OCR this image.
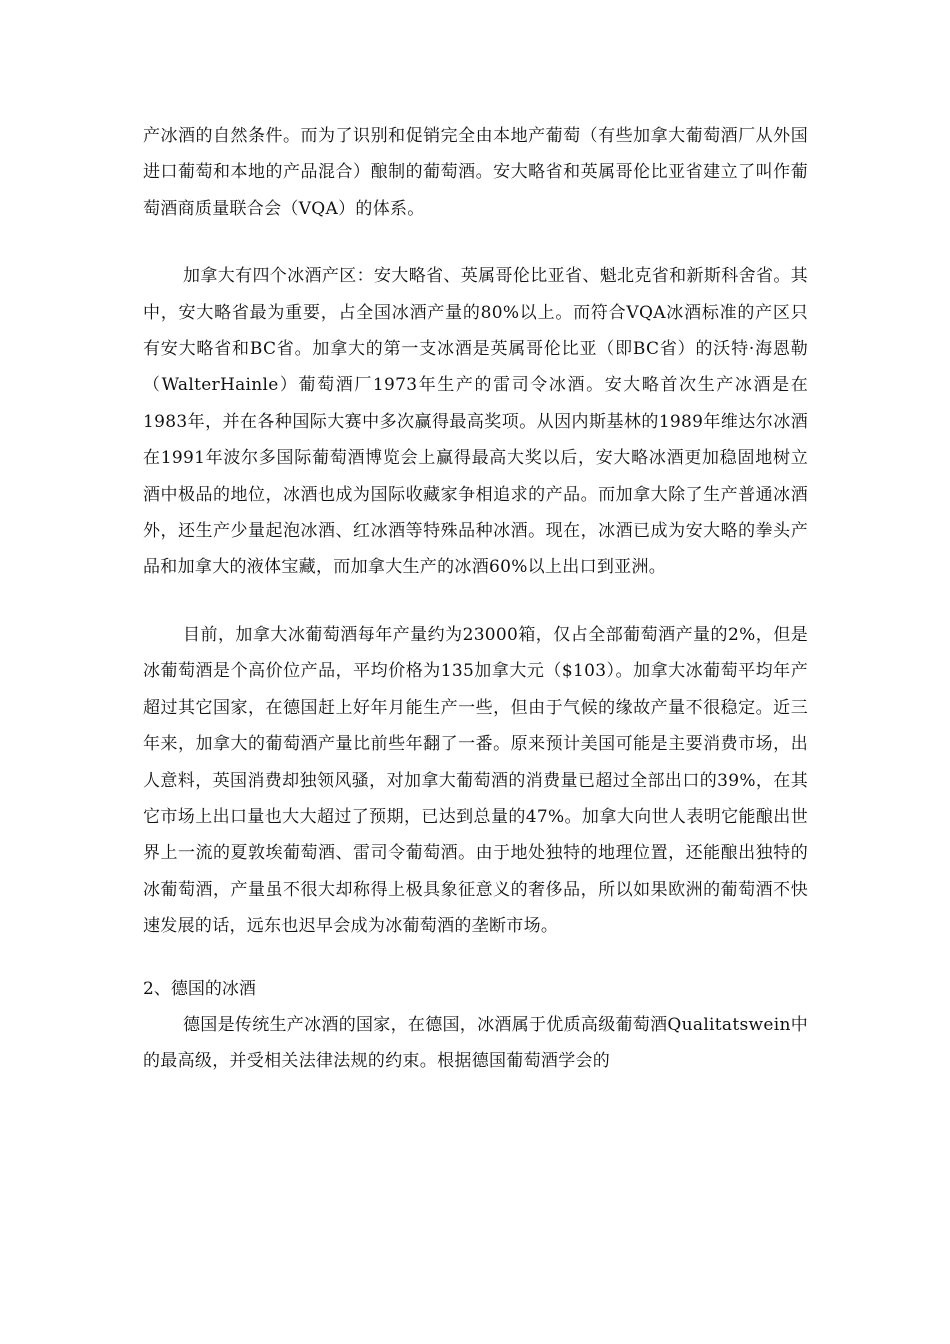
产冰酒的自然条件。而为了识别和促销完全由本地产葡萄（有些加拿大葡萄酒厂从外国进口葡萄和本地的产品混合）酿制的葡萄酒。安大略省和英属哥伦比亚省建立了叫作葡萄酒商质量联合会（VQA）的体系。

加拿大有四个冰酒产区：安大略省、英属哥伦比亚省、魁北克省和新斯科舍省。其中，安大略省最为重要，占全国冰酒产量的80%以上。而符合VQA冰酒标准的产区只有安大略省和BC省。加拿大的第一支冰酒是英属哥伦比亚（即BC省）的沃特·海恩勒（WalterHainle）葡萄酒厂1973年生产的雷司令冰酒。安大略首次生产冰酒是在1983年，并在各种国际大赛中多次赢得最高奖项。从因内斯基林的1989年维达尔冰酒在1991年波尔多国际葡萄酒博览会上赢得最高大奖以后，安大略冰酒更加稳固地树立酒中极品的地位，冰酒也成为国际收藏家争相追求的产品。而加拿大除了生产普通冰酒外，还生产少量起泡冰酒、红冰酒等特殊品种冰酒。现在，冰酒已成为安大略的拳头产品和加拿大的液体宝藏，而加拿大生产的冰酒60%以上出口到亚洲。

目前，加拿大冰葡萄酒每年产量约为23000箱，仅占全部葡萄酒产量的2%，但是冰葡萄酒是个高价位产品，平均价格为135加拿大元（$103）。加拿大冰葡萄平均年产超过其它国家，在德国赶上好年月能生产一些，但由于气候的缘故产量不很稳定。近三年来，加拿大的葡萄酒产量比前些年翻了一番。原来预计美国可能是主要消费市场，出人意料，英国消费却独领风骚，对加拿大葡萄酒的消费量已超过全部出口的39%，在其它市场上出口量也大大超过了预期，已达到总量的47%。加拿大向世人表明它能酿出世界上一流的夏敦埃葡萄酒、雷司令葡萄酒。由于地处独特的地理位置，还能酿出独特的冰葡萄酒，产量虽不很大却称得上极具象征意义的奢侈品，所以如果欧洲的葡萄酒不快速发展的话，远东也迟早会成为冰葡萄酒的垄断市场。

2、德国的冰酒

德国是传统生产冰酒的国家，在德国，冰酒属于优质高级葡萄酒Qualitatswein中的最高级，并受相关法律法规的约束。根据德国葡萄酒学会的
